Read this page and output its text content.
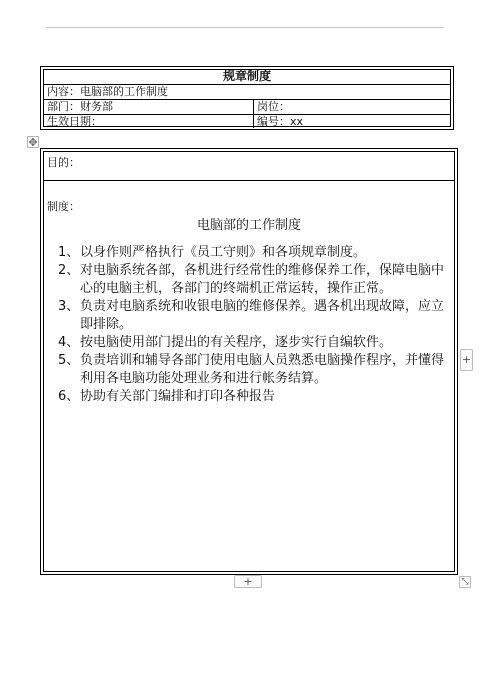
规章制度
内容：电脑部的工作制度
部门：财务部	岗位：
生效日期：	编号：xx
✥
目的：
制度：
电脑部的工作制度
1、 以身作则严格执行《员工守则》和各项规章制度。
2、 对电脑系统各部，各机进行经常性的维修保养工作，保障电脑中心的电脑主机，各部门的终端机正常运转，操作正常。
3、 负责对电脑系统和收银电脑的维修保养。遇各机出现故障，应立即排除。
4、 按电脑使用部门提出的有关程序，逐步实行自编软件。
5、 负责培训和辅导各部门使用电脑人员熟悉电脑操作程序，并懂得利用各电脑功能处理业务和进行帐务结算。
6、 协助有关部门编排和打印各种报告
+
+	⤡
